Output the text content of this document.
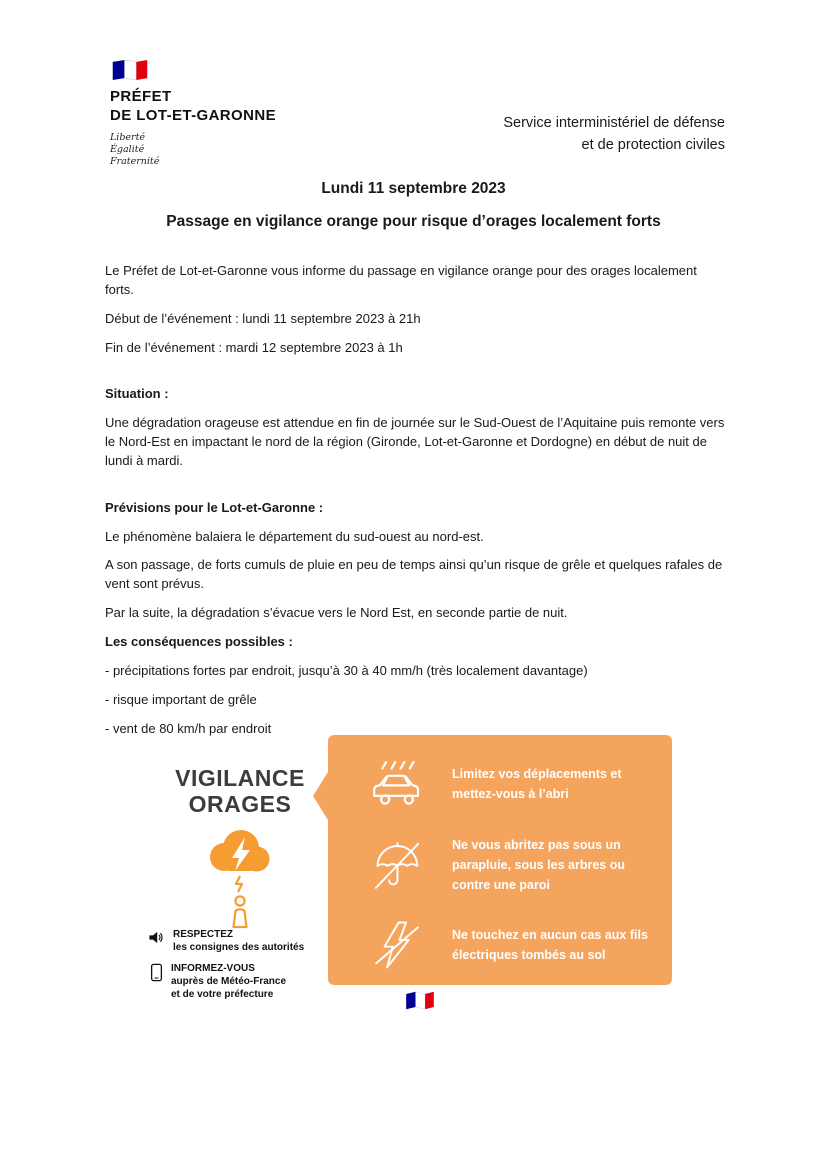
PRÉFET
DE LOT-ET-GARONNE
Liberté
Égalité
Fraternité
Service interministériel de défense
et de protection civiles
Lundi 11 septembre 2023
Passage en vigilance orange pour risque d’orages localement forts

Le Préfet de Lot-et-Garonne vous informe du passage en vigilance orange pour des orages localement forts.

Début de l’événement : lundi 11 septembre 2023 à 21h

Fin de l’événement : mardi 12 septembre 2023 à 1h

Situation :

Une dégradation orageuse est attendue en fin de journée sur le Sud-Ouest de l’Aquitaine puis remonte vers le Nord-Est en impactant le nord de la région (Gironde, Lot-et-Garonne et Dordogne) en début de nuit de lundi à mardi.

Prévisions pour le Lot-et-Garonne :

Le phénomène balaiera le département du sud-ouest au nord-est.

A son passage, de forts cumuls de pluie en peu de temps ainsi qu’un risque de grêle et quelques rafales de vent sont prévus.

Par la suite, la dégradation s’évacue vers le Nord Est, en seconde partie de nuit.

Les conséquences possibles :

- précipitations fortes par endroit, jusqu’à 30 à 40 mm/h (très localement davantage)

- risque important de grêle

- vent de 80 km/h par endroit

VIGILANCE
ORAGES
RESPECTEZ
les consignes des autorités
INFORMEZ-VOUS
auprès de Météo-France
et de votre préfecture
Limitez vos déplacements et mettez-vous à l’abri
Ne vous abritez pas sous un parapluie, sous les arbres ou contre une paroi
Ne touchez en aucun cas aux fils électriques tombés au sol
